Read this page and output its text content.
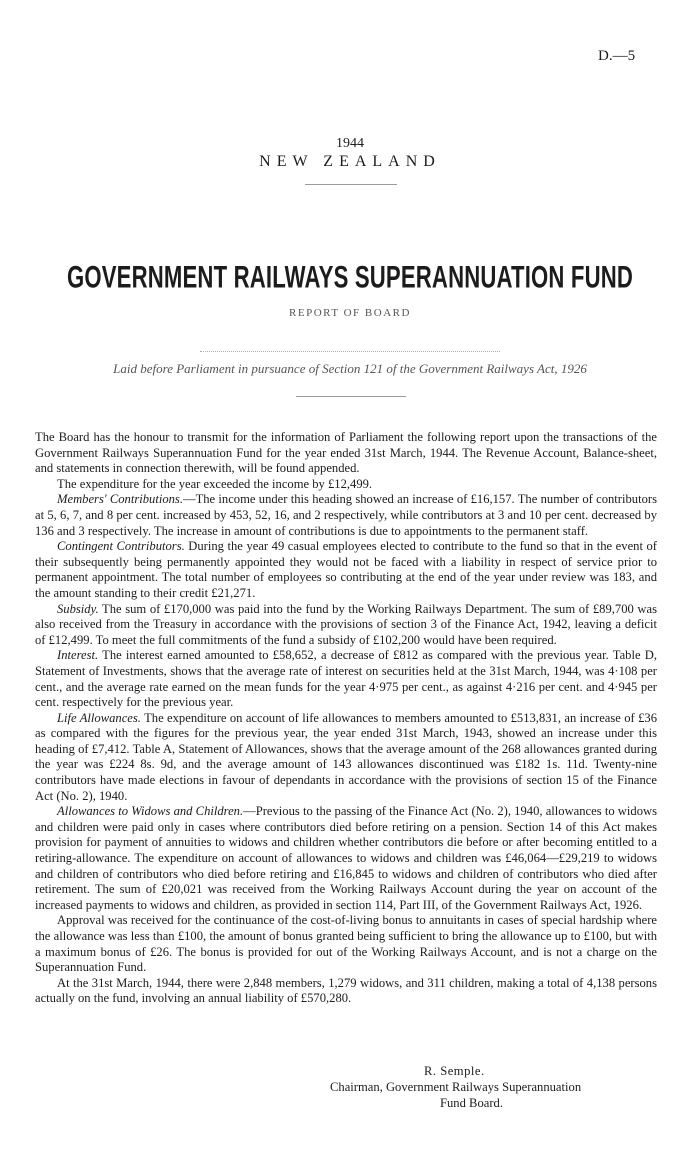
D.—5
1944
NEW ZEALAND
GOVERNMENT RAILWAYS SUPERANNUATION FUND
REPORT OF BOARD
Laid before Parliament in pursuance of Section 121 of the Government Railways Act, 1926

The Board has the honour to transmit for the information of Parliament the following report upon the transactions of the Government Railways Superannuation Fund for the year ended 31st March, 1944. The Revenue Account, Balance-sheet, and statements in connection therewith, will be found appended.

The expenditure for the year exceeded the income by £12,499.

Members' Contributions.—The income under this heading showed an increase of £16,157. The number of contributors at 5, 6, 7, and 8 per cent. increased by 453, 52, 16, and 2 respectively, while contributors at 3 and 10 per cent. decreased by 136 and 3 respectively. The increase in amount of contributions is due to appointments to the permanent staff.

Contingent Contributors. During the year 49 casual employees elected to contribute to the fund so that in the event of their subsequently being permanently appointed they would not be faced with a liability in respect of service prior to permanent appointment. The total number of employees so contributing at the end of the year under review was 183, and the amount standing to their credit £21,271.

Subsidy. The sum of £170,000 was paid into the fund by the Working Railways Department. The sum of £89,700 was also received from the Treasury in accordance with the provisions of section 3 of the Finance Act, 1942, leaving a deficit of £12,499. To meet the full commitments of the fund a subsidy of £102,200 would have been required.

Interest. The interest earned amounted to £58,652, a decrease of £812 as compared with the previous year. Table D, Statement of Investments, shows that the average rate of interest on securities held at the 31st March, 1944, was 4·108 per cent., and the average rate earned on the mean funds for the year 4·975 per cent., as against 4·216 per cent. and 4·945 per cent. respectively for the previous year.

Life Allowances. The expenditure on account of life allowances to members amounted to £513,831, an increase of £36 as compared with the figures for the previous year, the year ended 31st March, 1943, showed an increase under this heading of £7,412. Table A, Statement of Allowances, shows that the average amount of the 268 allowances granted during the year was £224 8s. 9d, and the average amount of 143 allowances discontinued was £182 1s. 11d. Twenty-nine contributors have made elections in favour of dependants in accordance with the provisions of section 15 of the Finance Act (No. 2), 1940.

Allowances to Widows and Children.—Previous to the passing of the Finance Act (No. 2), 1940, allowances to widows and children were paid only in cases where contributors died before retiring on a pension. Section 14 of this Act makes provision for payment of annuities to widows and children whether contributors die before or after becoming entitled to a retiring-allowance. The expenditure on account of allowances to widows and children was £46,064—£29,219 to widows and children of contributors who died before retiring and £16,845 to widows and children of contributors who died after retirement. The sum of £20,021 was received from the Working Railways Account during the year on account of the increased payments to widows and children, as provided in section 114, Part III, of the Government Railways Act, 1926.

Approval was received for the continuance of the cost-of-living bonus to annuitants in cases of special hardship where the allowance was less than £100, the amount of bonus granted being sufficient to bring the allowance up to £100, but with a maximum bonus of £26. The bonus is provided for out of the Working Railways Account, and is not a charge on the Superannuation Fund.

At the 31st March, 1944, there were 2,848 members, 1,279 widows, and 311 children, making a total of 4,138 persons actually on the fund, involving an annual liability of £570,280.

R. Semple.
Chairman, Government Railways Superannuation
Fund Board.
